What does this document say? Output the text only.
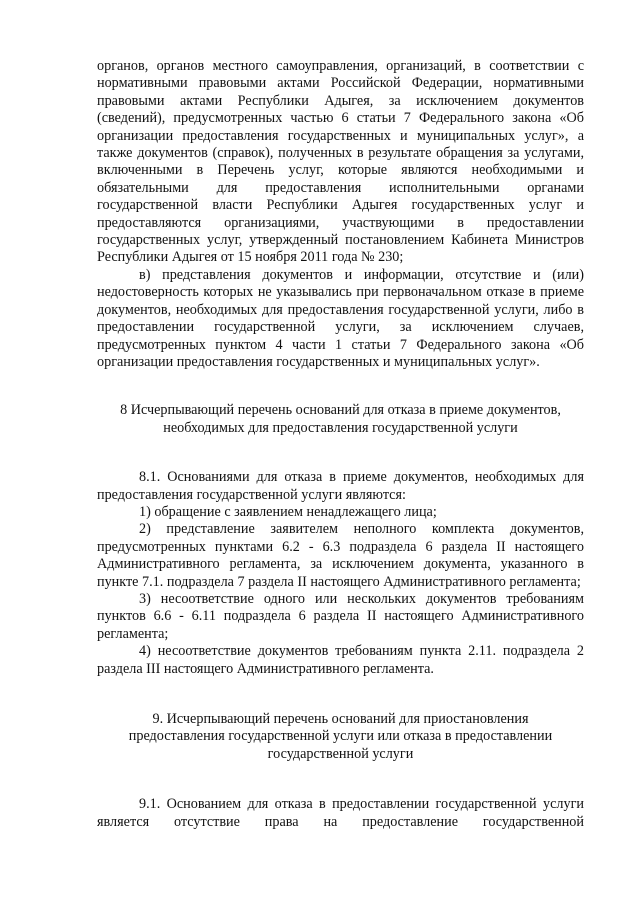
органов, органов местного самоуправления, организаций, в соответствии с нормативными правовыми актами Российской Федерации, нормативными правовыми актами Республики Адыгея, за исключением документов (сведений), предусмотренных частью 6 статьи 7 Федерального закона «Об организации предоставления государственных и муниципальных услуг», а также документов (справок), полученных в результате обращения за услугами, включенными в Перечень услуг, которые являются необходимыми и обязательными для предоставления исполнительными органами государственной власти Республики Адыгея государственных услуг и предоставляются организациями, участвующими в предоставлении государственных услуг, утвержденный постановлением Кабинета Министров Республики Адыгея от 15 ноября 2011 года № 230;

в) представления документов и информации, отсутствие и (или) недостоверность которых не указывались при первоначальном отказе в приеме документов, необходимых для предоставления государственной услуги, либо в предоставлении государственной услуги, за исключением случаев, предусмотренных пунктом 4 части 1 статьи 7 Федерального закона «Об организации предоставления государственных и муниципальных услуг».

8 Исчерпывающий перечень оснований для отказа в приеме документов,
необходимых для предоставления государственной услуги

8.1. Основаниями для отказа в приеме документов, необходимых для предоставления государственной услуги являются:

1) обращение с заявлением ненадлежащего лица;

2) представление заявителем неполного комплекта документов, предусмотренных пунктами 6.2 - 6.3 подраздела 6 раздела II настоящего Административного регламента, за исключением документа, указанного в пункте 7.1. подраздела 7 раздела II настоящего Административного регламента;

3) несоответствие одного или нескольких документов требованиям пунктов 6.6 - 6.11 подраздела 6 раздела II настоящего Административного регламента;

4) несоответствие документов требованиям пункта 2.11. подраздела 2 раздела III настоящего Административного регламента.

9. Исчерпывающий перечень оснований для приостановления
предоставления государственной услуги или отказа в предоставлении
государственной услуги

9.1. Основанием для отказа в предоставлении государственной услуги является отсутствие права на предоставление государственной
